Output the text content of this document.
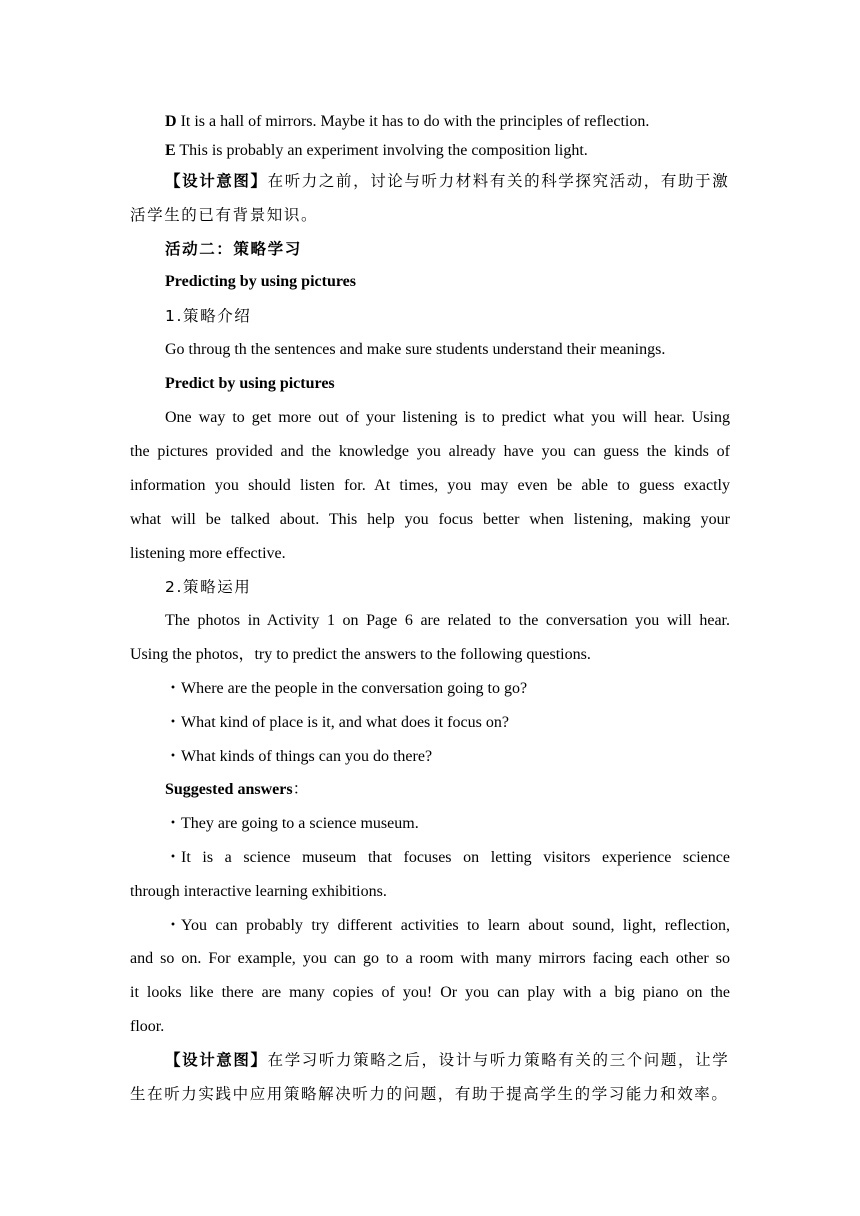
D It is a hall of mirrors. Maybe it has to do with the principles of reflection.
E This is probably an experiment involving the composition light.
【设计意图】在听力之前，讨论与听力材料有关的科学探究活动，有助于激
活学生的已有背景知识。
活动二：策略学习
Predicting by using pictures
1.策略介绍
Go throug th the sentences and make sure students understand their meanings.
Predict by using pictures
One way to get more out of your listening is to predict what you will hear. Using
the pictures provided and the knowledge you already have you can guess the kinds of
information you should listen for. At times, you may even be able to guess exactly
what will be talked about. This help you focus better when listening, making your
listening more effective.
2.策略运用
The photos in Activity 1 on Page 6 are related to the conversation you will hear.
Using the photos，try to predict the answers to the following questions.
・Where are the people in the conversation going to go?
・What kind of place is it, and what does it focus on?
・What kinds of things can you do there?
Suggested answers：
・They are going to a science museum.
・It is a science museum that focuses on letting visitors experience science
through interactive learning exhibitions.
・You can probably try different activities to learn about sound, light, reflection,
and so on. For example, you can go to a room with many mirrors facing each other so
it looks like there are many copies of you! Or you can play with a big piano on the
floor.
【设计意图】在学习听力策略之后，设计与听力策略有关的三个问题，让学
生在听力实践中应用策略解决听力的问题，有助于提高学生的学习能力和效率。
